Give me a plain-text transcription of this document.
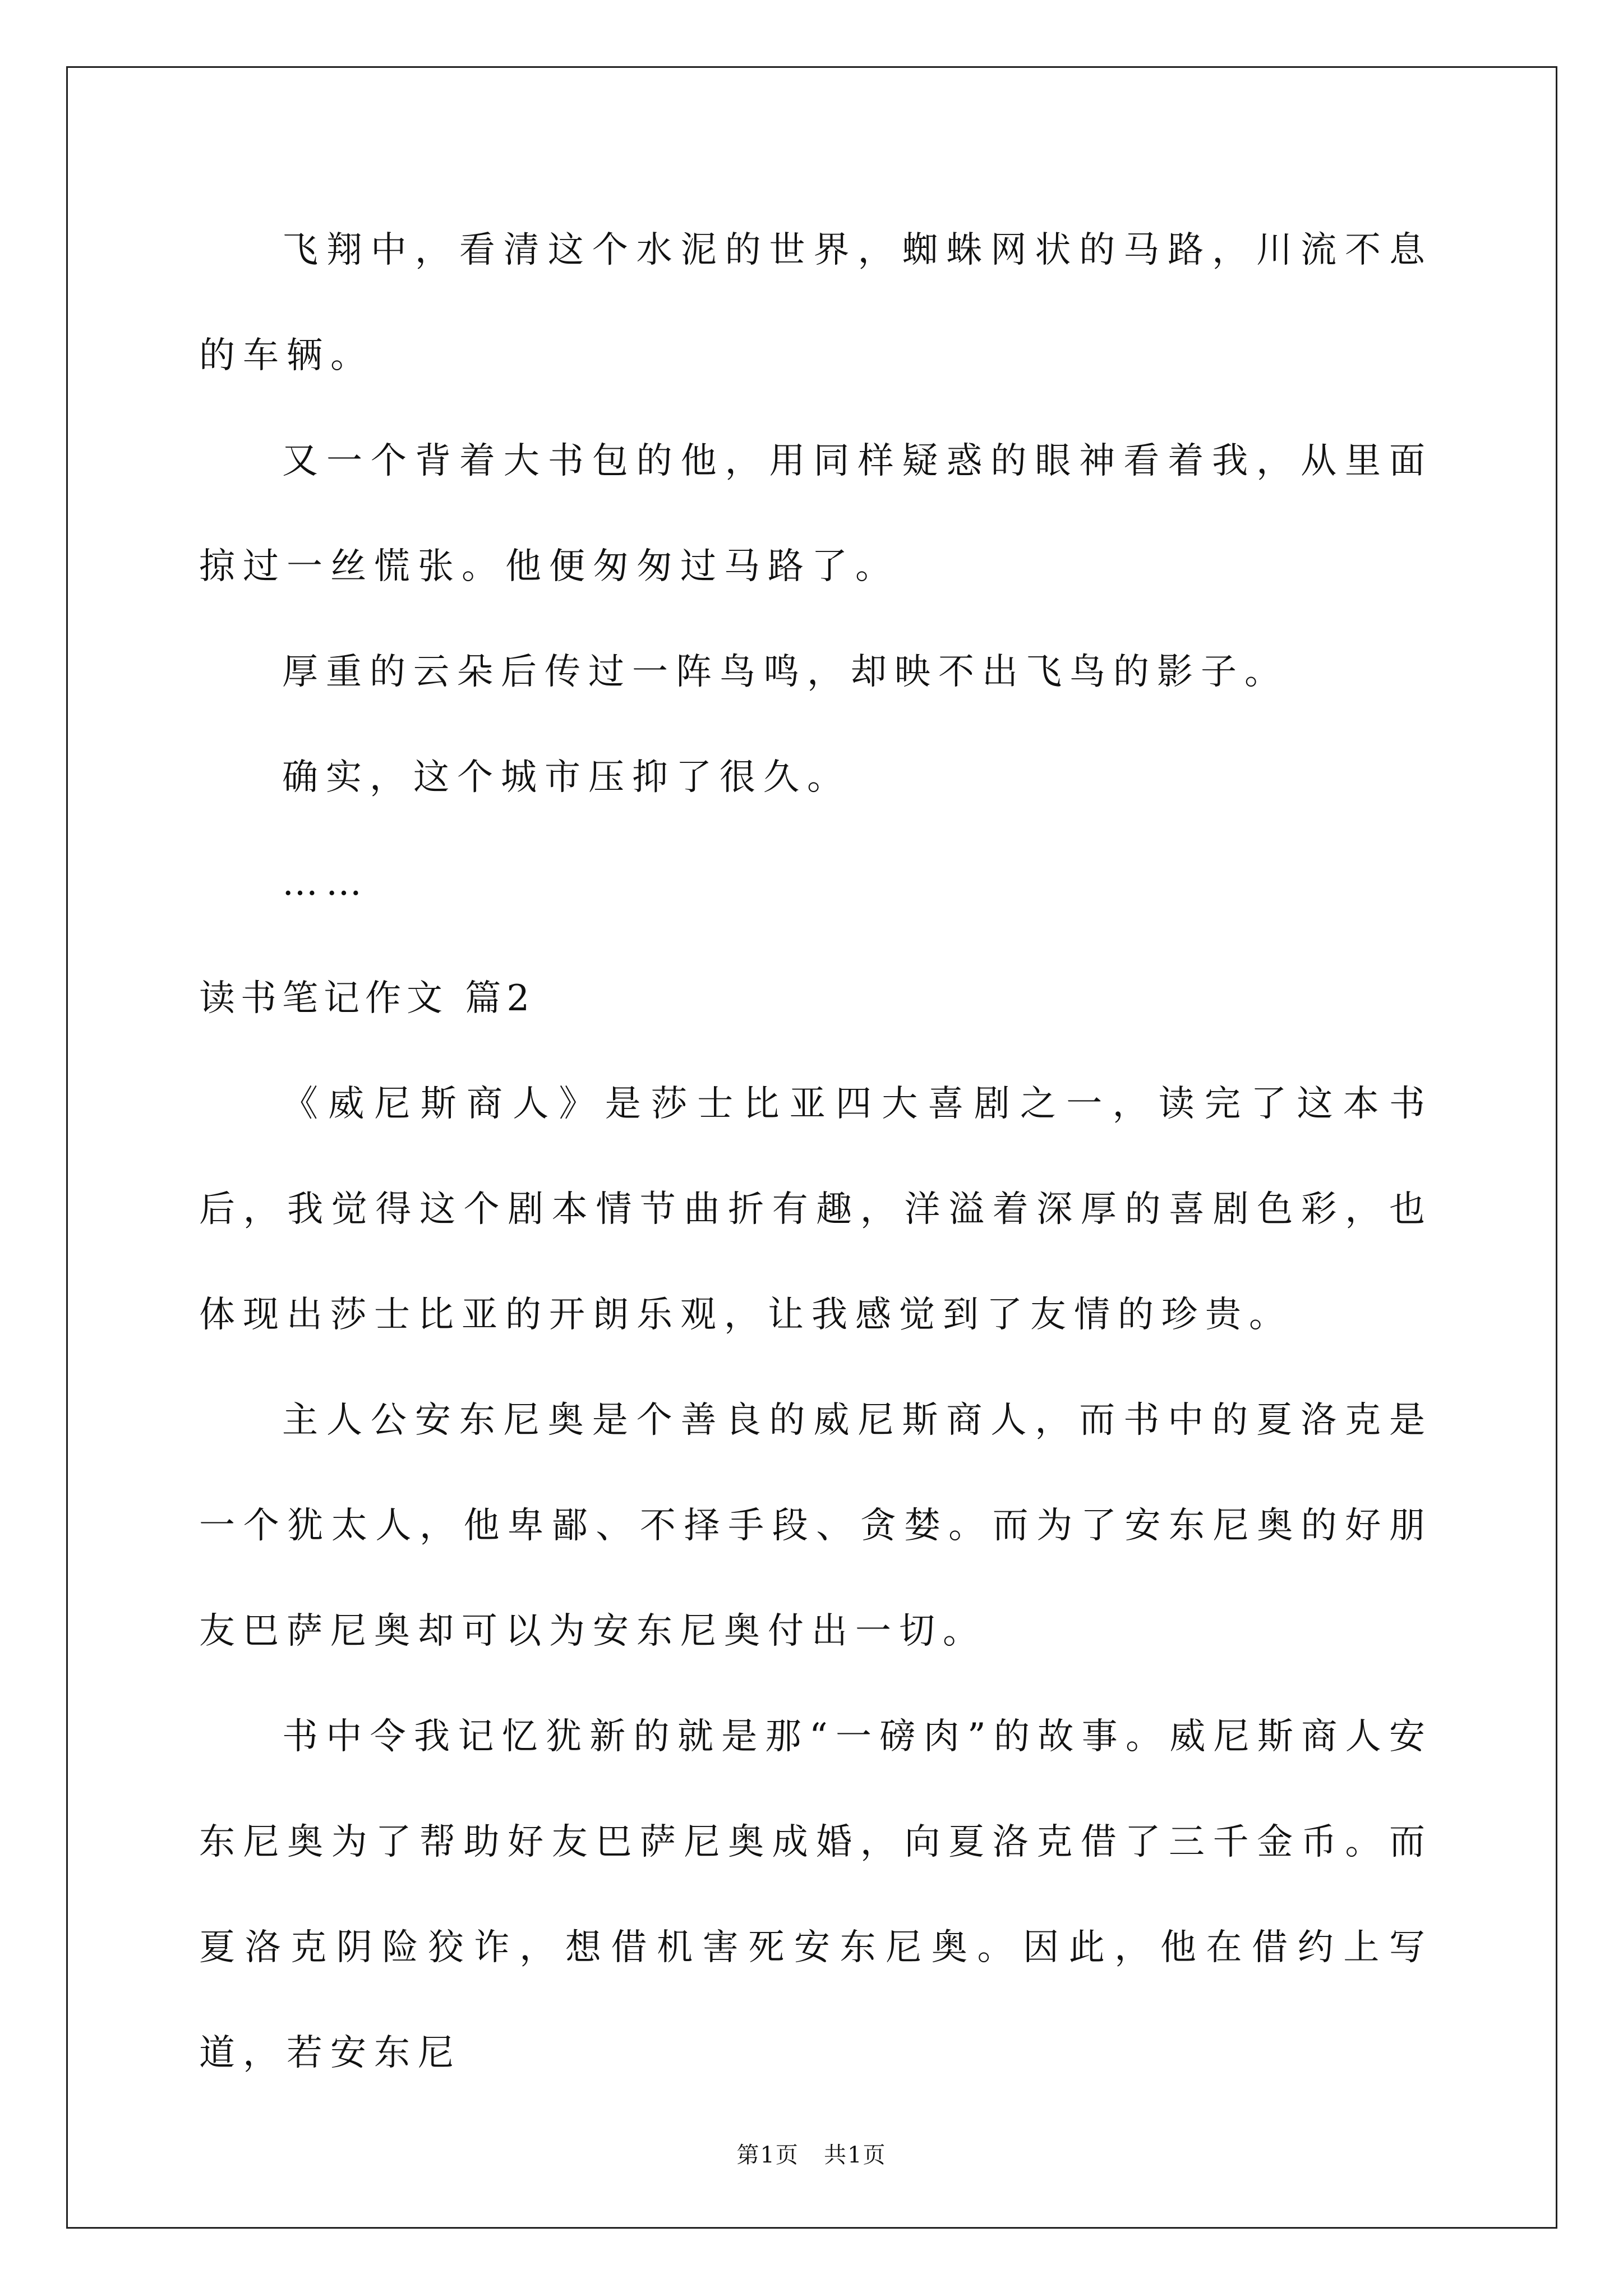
飞翔中，看清这个水泥的世界，蜘蛛网状的马路，川流不息的车辆。

又一个背着大书包的他，用同样疑惑的眼神看着我，从里面掠过一丝慌张。他便匆匆过马路了。

厚重的云朵后传过一阵鸟鸣，却映不出飞鸟的影子。

确实，这个城市压抑了很久。

……

读书笔记作文 篇2

《威尼斯商人》是莎士比亚四大喜剧之一，读完了这本书后，我觉得这个剧本情节曲折有趣，洋溢着深厚的喜剧色彩，也体现出莎士比亚的开朗乐观，让我感觉到了友情的珍贵。

主人公安东尼奥是个善良的威尼斯商人，而书中的夏洛克是一个犹太人，他卑鄙、不择手段、贪婪。而为了安东尼奥的好朋友巴萨尼奥却可以为安东尼奥付出一切。

书中令我记忆犹新的就是那“一磅肉”的故事。威尼斯商人安东尼奥为了帮助好友巴萨尼奥成婚，向夏洛克借了三千金币。而夏洛克阴险狡诈，想借机害死安东尼奥。因此，他在借约上写道，若安东尼

第1页 共1页
